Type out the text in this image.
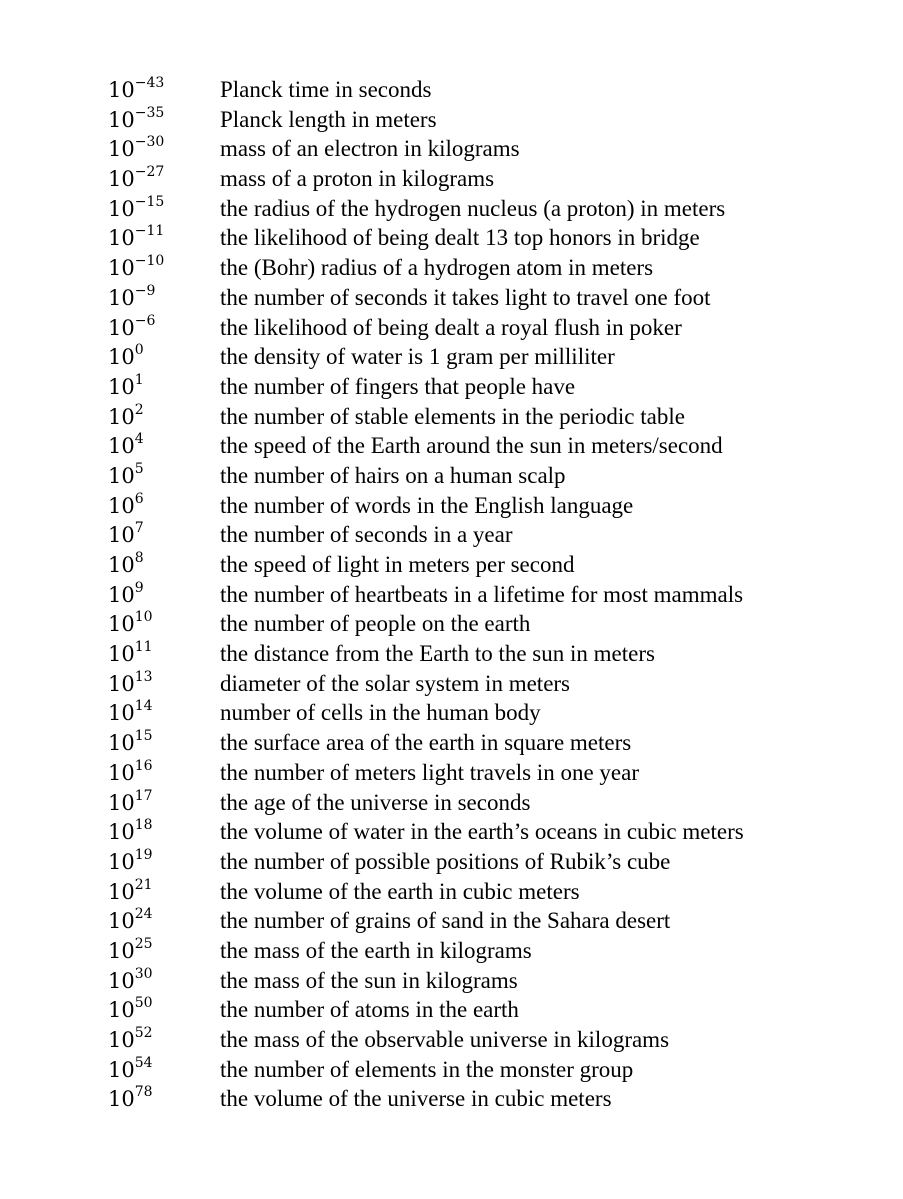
$10^{-43}$	Planck time in seconds
$10^{-35}$	Planck length in meters
$10^{-30}$	mass of an electron in kilograms
$10^{-27}$	mass of a proton in kilograms
$10^{-15}$	the radius of the hydrogen nucleus (a proton) in meters
$10^{-11}$	the likelihood of being dealt 13 top honors in bridge
$10^{-10}$	the (Bohr) radius of a hydrogen atom in meters
$10^{-9}$	the number of seconds it takes light to travel one foot
$10^{-6}$	the likelihood of being dealt a royal flush in poker
$10^0$	the density of water is 1 gram per milliliter
$10^1$	the number of fingers that people have
$10^2$	the number of stable elements in the periodic table
$10^4$	the speed of the Earth around the sun in meters/second
$10^5$	the number of hairs on a human scalp
$10^6$	the number of words in the English language
$10^7$	the number of seconds in a year
$10^8$	the speed of light in meters per second
$10^9$	the number of heartbeats in a lifetime for most mammals
$10^{10}$	the number of people on the earth
$10^{11}$	the distance from the Earth to the sun in meters
$10^{13}$	diameter of the solar system in meters
$10^{14}$	number of cells in the human body
$10^{15}$	the surface area of the earth in square meters
$10^{16}$	the number of meters light travels in one year
$10^{17}$	the age of the universe in seconds
$10^{18}$	the volume of water in the earth’s oceans in cubic meters
$10^{19}$	the number of possible positions of Rubik’s cube
$10^{21}$	the volume of the earth in cubic meters
$10^{24}$	the number of grains of sand in the Sahara desert
$10^{25}$	the mass of the earth in kilograms
$10^{30}$	the mass of the sun in kilograms
$10^{50}$	the number of atoms in the earth
$10^{52}$	the mass of the observable universe in kilograms
$10^{54}$	the number of elements in the monster group
$10^{78}$	the volume of the universe in cubic meters
